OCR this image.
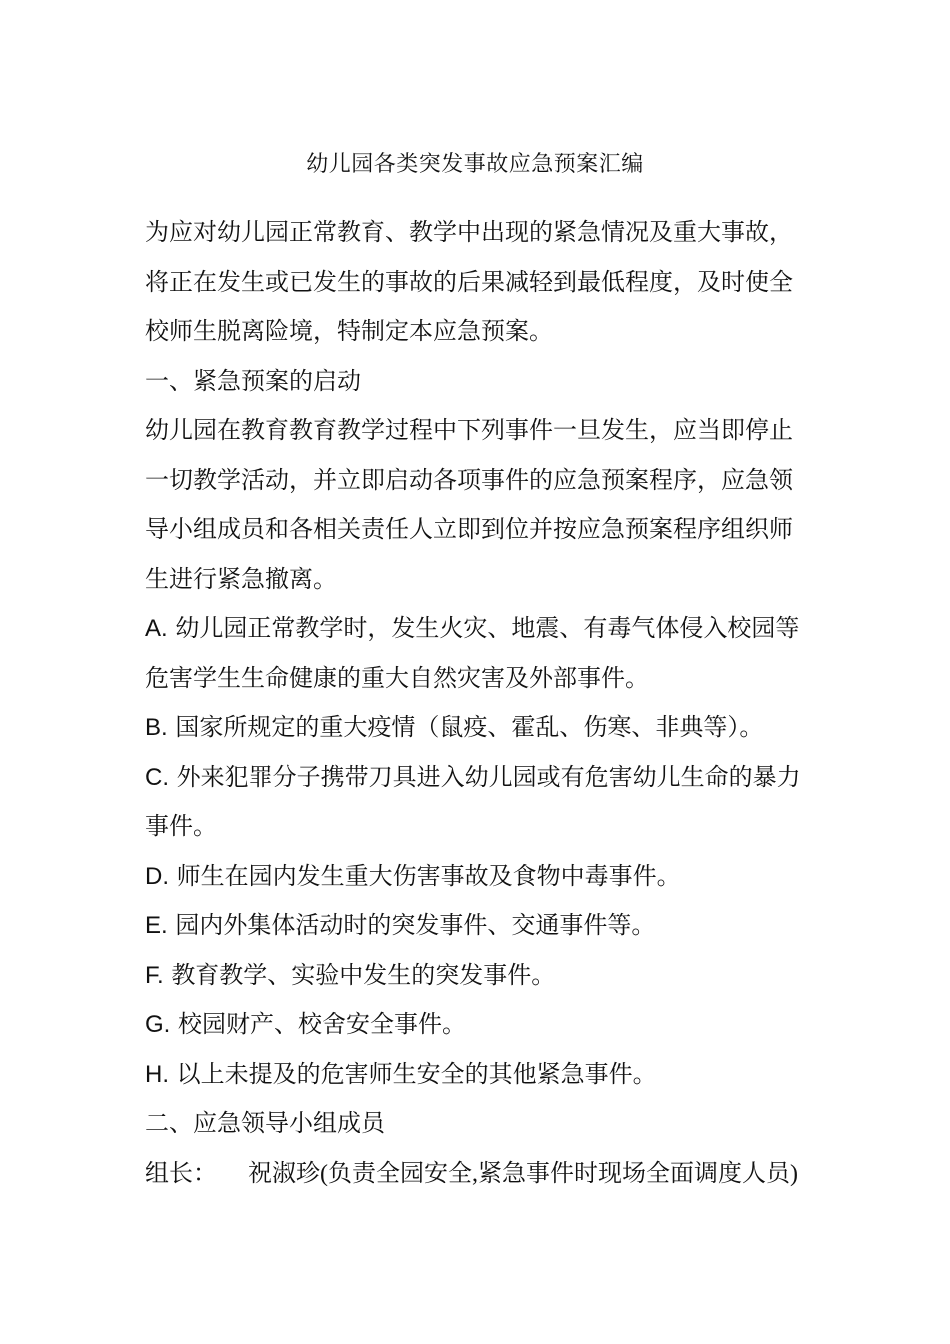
幼儿园各类突发事故应急预案汇编

为应对幼儿园正常教育、教学中出现的紧急情况及重大事故，将正在发生或已发生的事故的后果减轻到最低程度，及时使全校师生脱离险境，特制定本应急预案。

一、紧急预案的启动

幼儿园在教育教育教学过程中下列事件一旦发生，应当即停止一切教学活动，并立即启动各项事件的应急预案程序，应急领导小组成员和各相关责任人立即到位并按应急预案程序组织师生进行紧急撤离。

A. 幼儿园正常教学时，发生火灾、地震、有毒气体侵入校园等危害学生生命健康的重大自然灾害及外部事件。

B. 国家所规定的重大疫情（鼠疫、霍乱、伤寒、非典等）。

C. 外来犯罪分子携带刀具进入幼儿园或有危害幼儿生命的暴力事件。

D. 师生在园内发生重大伤害事故及食物中毒事件。

E. 园内外集体活动时的突发事件、交通事件等。

F. 教育教学、实验中发生的突发事件。

G. 校园财产、校舍安全事件。

H. 以上未提及的危害师生安全的其他紧急事件。

二、应急领导小组成员

组长： 祝淑珍(负责全园安全,紧急事件时现场全面调度人员)
